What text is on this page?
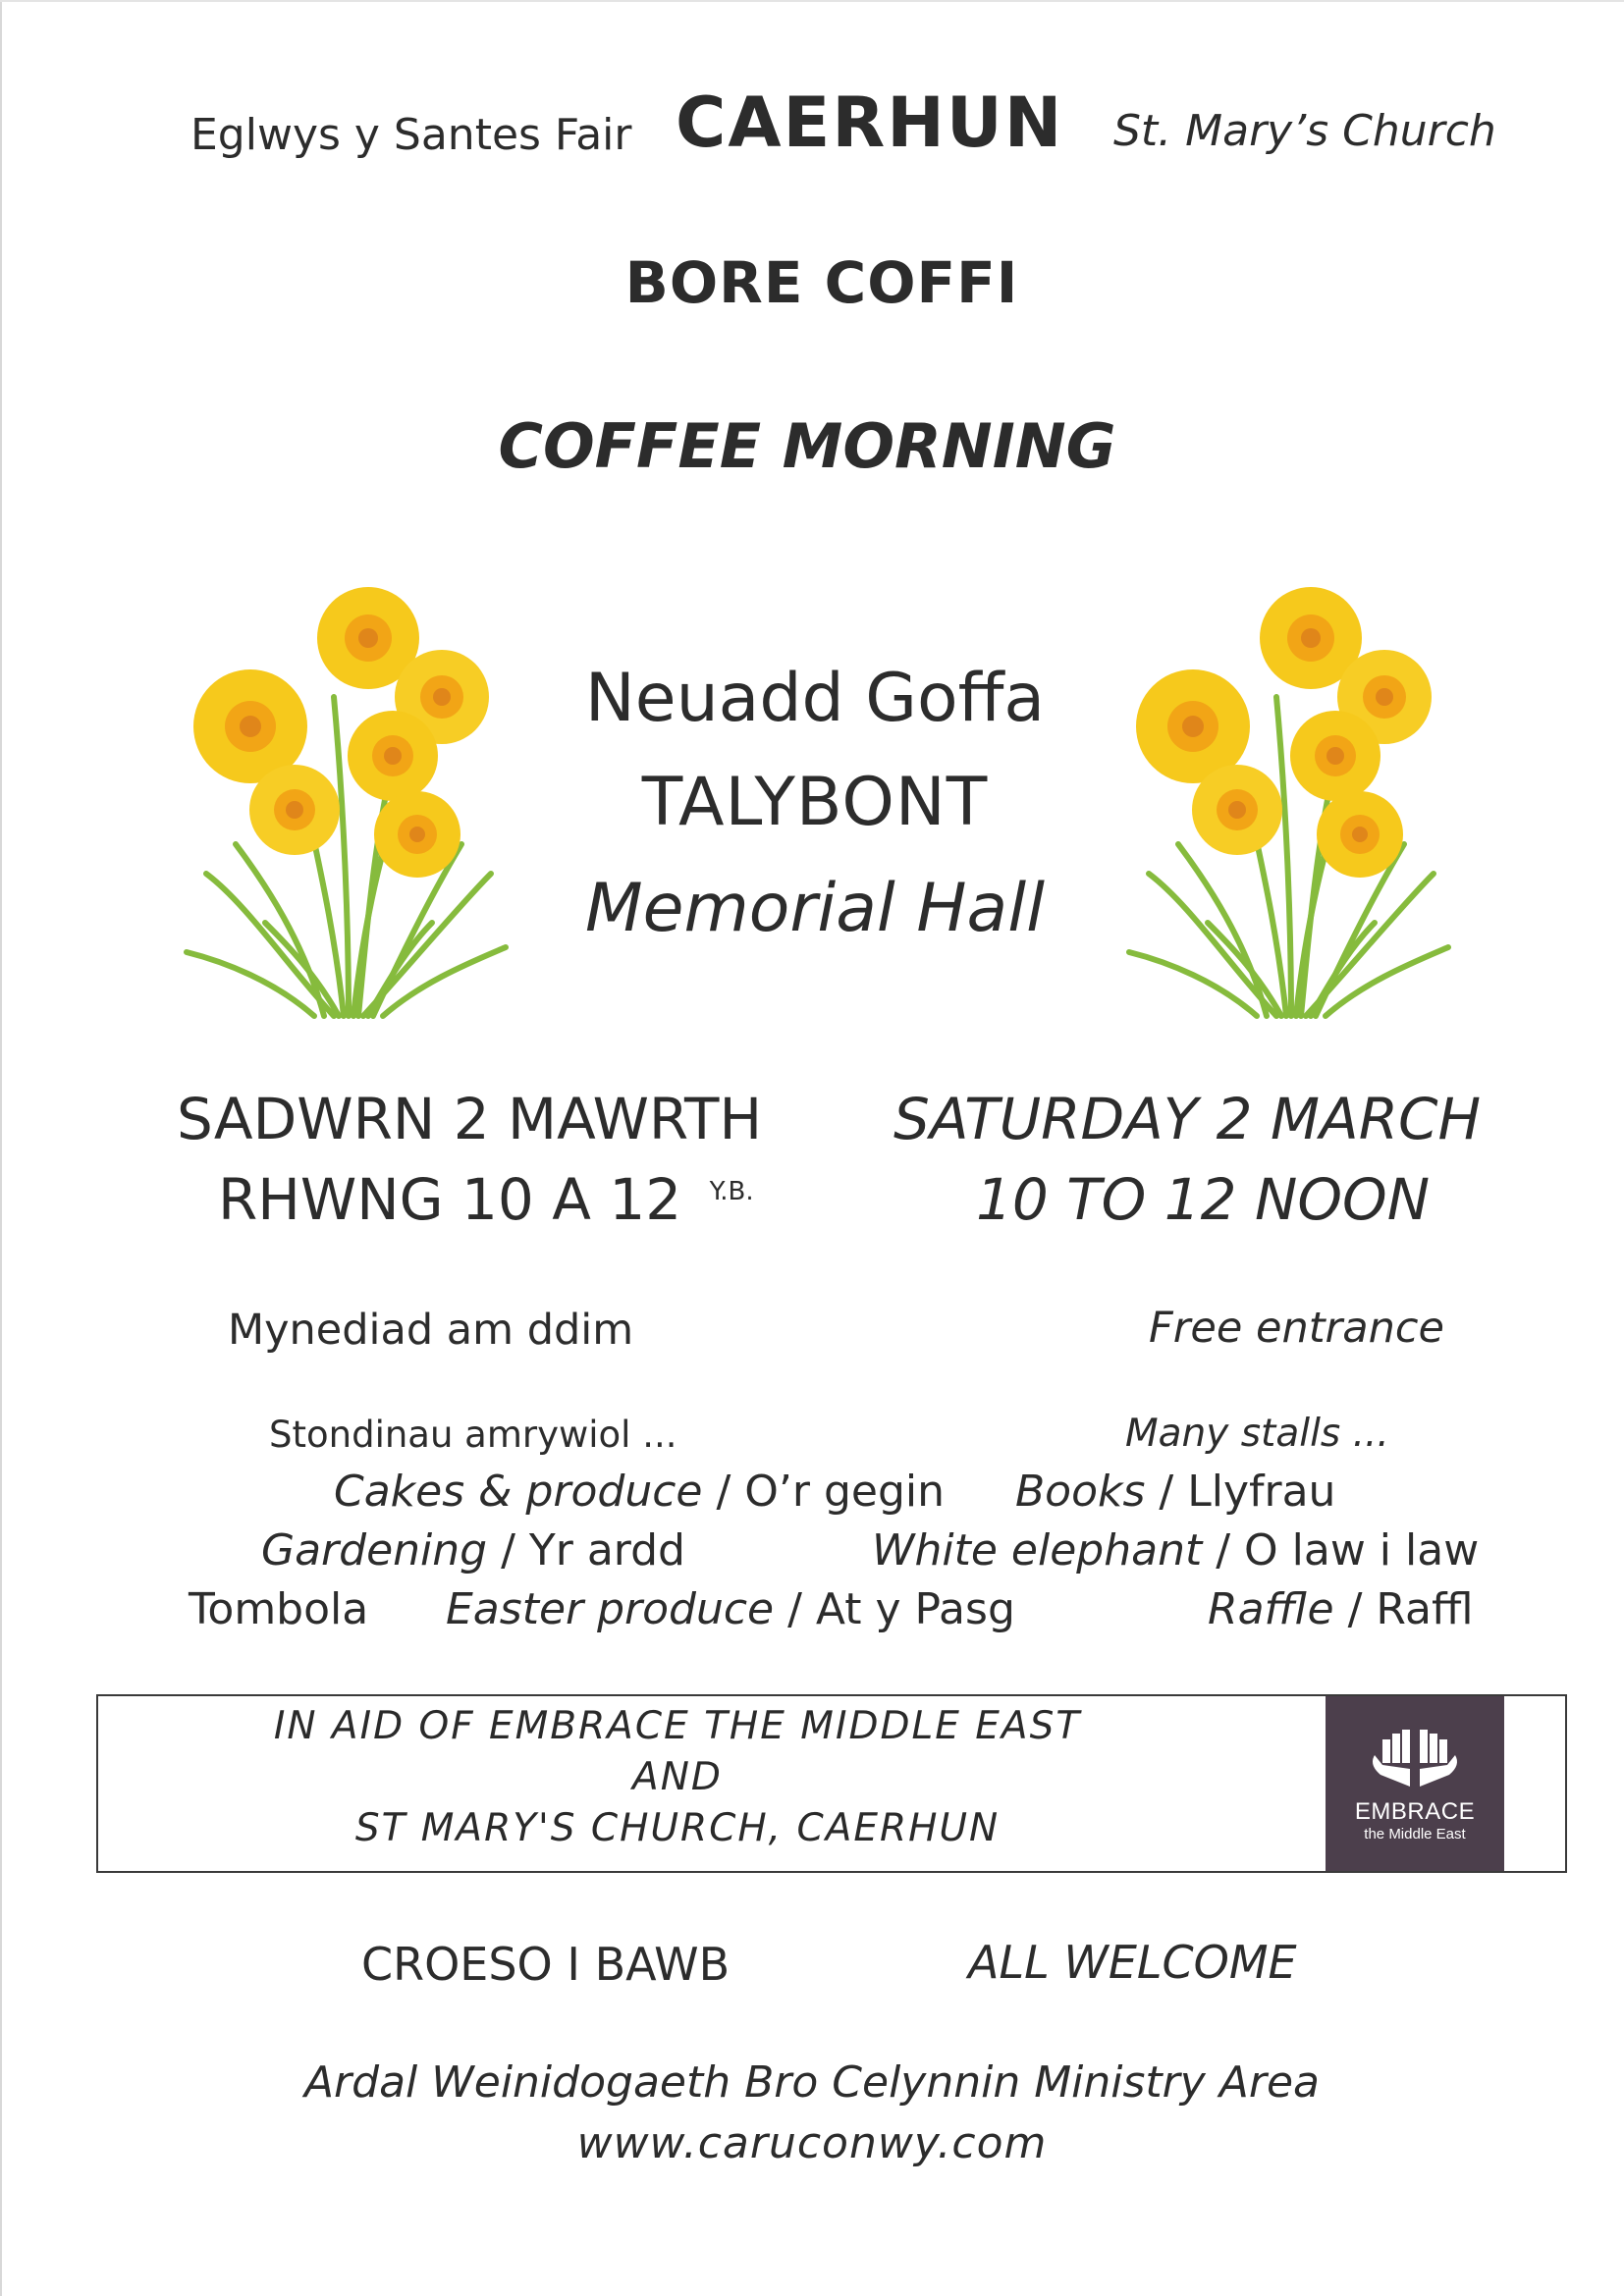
Eglwys y Santes Fair CAERHUN St. Mary’s Church
BORE COFFI
COFFEE MORNING
Neuadd Goffa
TALYBONT
Memorial Hall
SADWRN 2 MAWRTH
RHWNG 10 A 12 $^{Y.B.}$
SATURDAY 2 MARCH
10 TO 12 NOON
Mynediad am ddim	Free entrance
Stondinau amrywiol ...	Many stalls ...
Cakes & produce / O’r gegin Books / Llyfrau
Gardening / Yr ardd	White elephant / O law i law
Tombola Easter produce / At y Pasg	Raffle / Raffl
IN AID OF EMBRACE THE MIDDLE EAST
AND
ST MARY'S CHURCH, CAERHUN	EMBRACE
the Middle East
CROESO I BAWB	ALL WELCOME
Ardal Weinidogaeth Bro Celynnin Ministry Area
www.caruconwy.com
